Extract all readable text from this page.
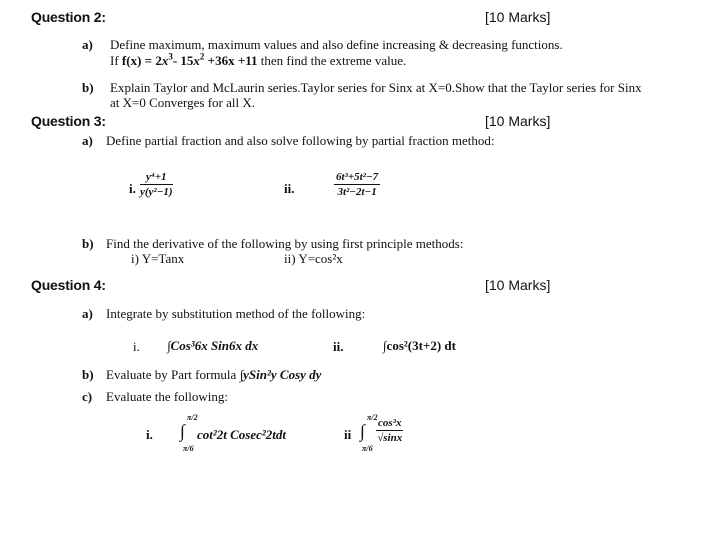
Question 2:	[10 Marks]
a) Define maximum, maximum values and also define increasing & decreasing functions.
If $f(x) = 2x^3-$ $15x^2 +36x +11$ then find the extreme value.
b) Explain Taylor and McLaurin series.Taylor series for Sinx at X=0.Show that the Taylor series for Sinx
at X=0 Converges for all X.
Question 3:	[10 Marks]
a) Define partial fraction and also solve following by partial fraction method:
i. $\frac{\text{y⁴+1}}{\text{y(y²−1)}}$	ii.	$\frac{\text{6t³+5t²−7}}{\text{3t²−2t−1}}$
b) Find the derivative of the following by using first principle methods:
i) Y=Tanx	ii) Y=cos²x
Question 4:	[10 Marks]
a) Integrate by substitution method of the following:
i. ∫Cos³6x Sin6x dx	ii.	∫cos²(3t+2) dt
b) Evaluate by Part formula ∫ySin²y Cosy dy
c) Evaluate the following:
i. ∫
π/2
π/6
cot²2t Cosec²2tdt	ii ∫
π/2
π/6
$\frac{\text{cos³x}}{√\sin x}$
